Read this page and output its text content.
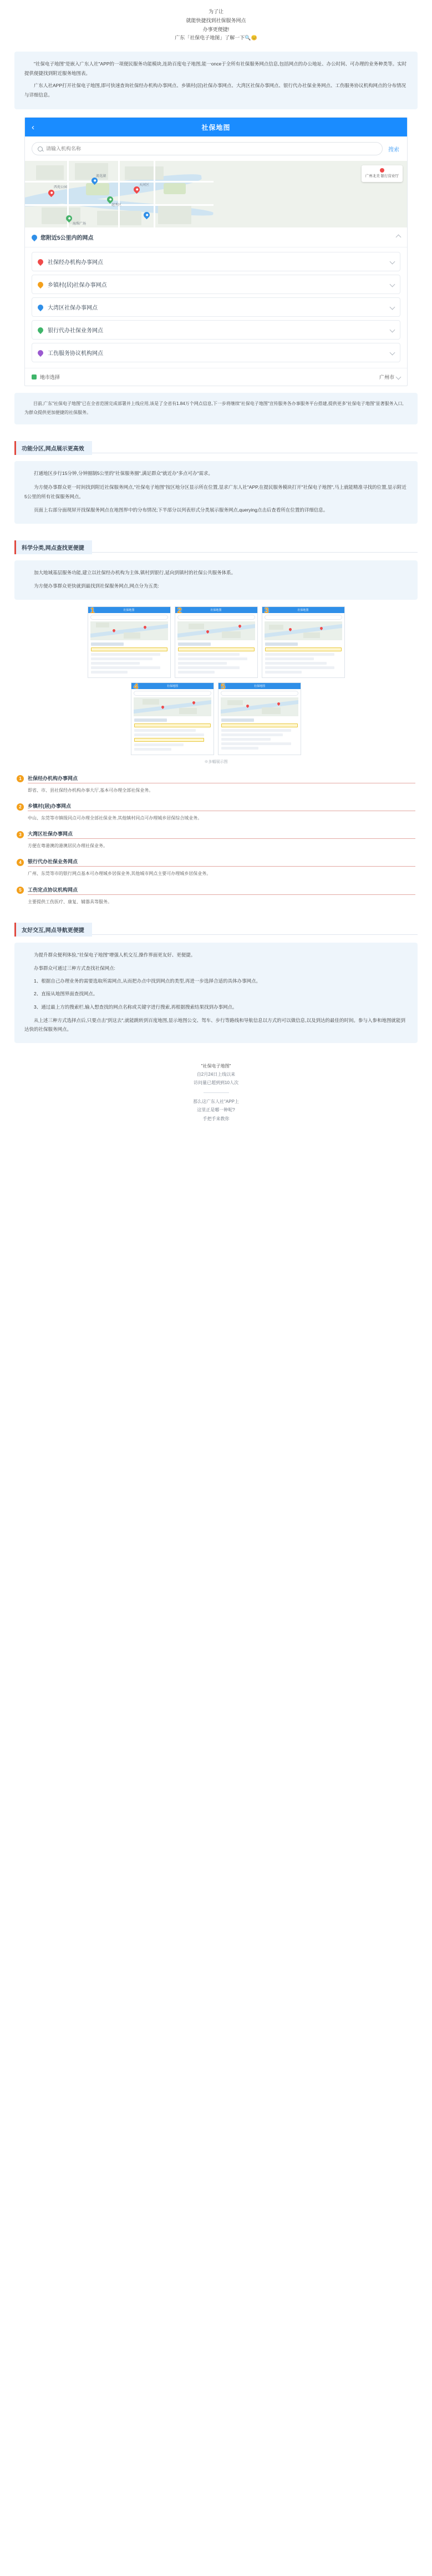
为了让
就能快捷找到社保服务网点
办事更便捷!
广东「社保电子地图」了解一下🔍😊

"社保电子地图"是嵌入广东人社"APP的一项便民服务功能模块,连助百度电子地图,能一once于全所有社保服务网点信息,包括网点的办公地址、办公时间、可办理的业务种类等。实时提供便捷找到附近服务地图表。

广东人社APP打开社保电子地图,即可快速查询社保经办机构办事网点、乡镇村(居)社保办事网点、大湾区社保办事网点、银行代办社保业务网点、工伤服务协议机构网点的分布情况与详细信息。

‹	社保地图
请输入机构名称
搜索
西苑公园
流花湖
越秀区
天河区
海珠广场
广州北美 银行营业厅
您附近5公里内的网点
社保经办机构办事网点
乡镇村(居)社保办事网点
大湾区社保办事网点
银行代办社保业务网点
工伤服务协议机构网点
地市选择	广州市

目前,广东"社保电子地图"已在全省范围完成部署并上线应用,该是了全省有1.84万个网点信息,下一步将继续"社保电子地图"宣传服务各办事服务平台搭建,提供更多"社保电子地图"显著服务入口,为群众提供更加便捷的社保服务。

功能分区,网点展示更高效

打通地区步行15分钟,分钟圈制5公里的"社保服务圈",满足群众"就近办"多点可办"需求。

为方便办事群众更一时间找到附近社保服务网点,"社保电子地图"按区地分区显示所在位置,显求广东人社"APP,在提民服务模块打开"社保电子地图",马上就能精准寻找的位置,显示附近5公里的所有社保服务网点。

页面上右部分面现屏开找保服务网点在地图界中的分布情况;下半部分以列表形式分类展示服务网点,querying点击后查看所在位置的详细信息。

科学分类,网点查找更便捷

加大地域基层服务功能,建立以社保经办机构为主体,镇村到银行,延向到镇村的社保公共服务体系。

为方便办事群众更快就到最找到社保服务网点,网点分为五类:

1	社保地图	2	社保地图	3	社保地图
4	社保地图	5	社保地图
※多幅展示图
1	社保经办机构办事网点
即省、市、县社保经办机构办事大厅,基本可办理全部社保业务。
2	乡镇村(居)办事网点
中山、东莞等市镇级同点可办理全部社保业务,其他镇村同点可办理城乡居保综合域业务。
3	大湾区社保办事网点
方便在粤港澳的港澳居民办理社保业务。
4	银行代办社保业务网点
广州、东莞等市的银行网点基本可办理城乡居保业务,其他城市网点主要可办理城乡居保业务。
5	工伤定点协议机构网点
主要提供工伤医疗、康复、辅器具等服务。
友好交互,网点导航更便捷

为提升群众便利体验,"社保电子地图"增强人机交互,操作界面更友好、更便捷。

办事群众可通过三种方式查找社保网点:

1、根据自己办理业务的需要选取所需网点,从而把办点中找到网点的类型,再进一步选择合适的具体办事网点。

2、直接从地图界面查找网点。

3、通过最上方的搜索栏,输入想查找的网点名称或关键字进行搜索,再根据搜索结果找到办事网点。

从上述三种方式选择点后,只要点击"到这去",就能跳转到百度地图,显示地图公交、驾车、步行等路线和导航信息以方式的可以做信息,以及到达的最佳的时间。参与入参和地图就能到达快的社保服务网点。

"社保电子地图"
自2月24日上线以来
访问量已超到到10人次
那么这广东人社"APP上
这里正是哪一种呢?
手把手来教你
